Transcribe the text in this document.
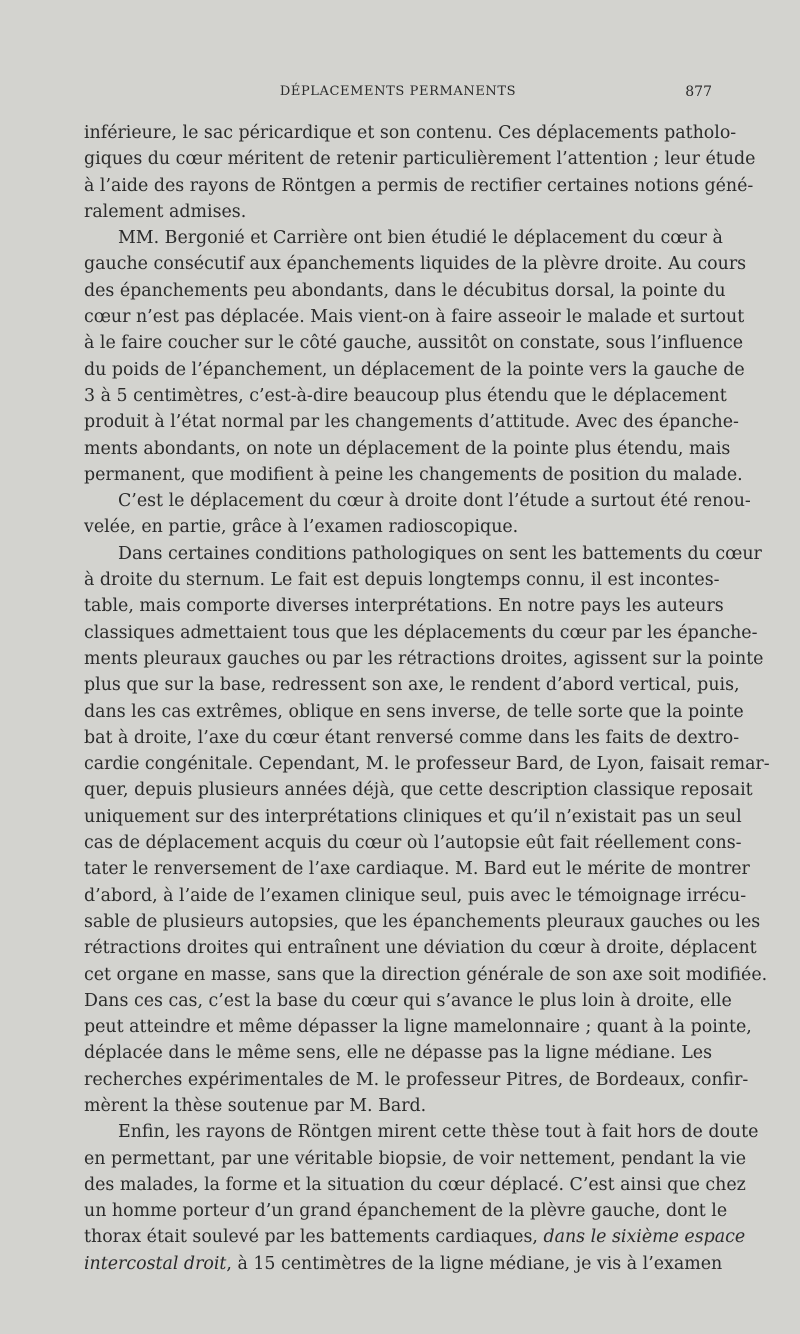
DÉPLACEMENTS PERMANENTS	877
inférieure, le sac péricardique et son contenu. Ces déplacements patholo-
giques du cœur méritent de retenir particulièrement l’attention ; leur étude
à l’aide des rayons de Röntgen a permis de rectifier certaines notions géné-
ralement admises.
MM. Bergonié et Carrière ont bien étudié le déplacement du cœur à
gauche consécutif aux épanchements liquides de la plèvre droite. Au cours
des épanchements peu abondants, dans le décubitus dorsal, la pointe du
cœur n’est pas déplacée. Mais vient-on à faire asseoir le malade et surtout
à le faire coucher sur le côté gauche, aussitôt on constate, sous l’influence
du poids de l’épanchement, un déplacement de la pointe vers la gauche de
3 à 5 centimètres, c’est-à-dire beaucoup plus étendu que le déplacement
produit à l’état normal par les changements d’attitude. Avec des épanche-
ments abondants, on note un déplacement de la pointe plus étendu, mais
permanent, que modifient à peine les changements de position du malade.
C’est le déplacement du cœur à droite dont l’étude a surtout été renou-
velée, en partie, grâce à l’examen radioscopique.
Dans certaines conditions pathologiques on sent les battements du cœur
à droite du sternum. Le fait est depuis longtemps connu, il est incontes-
table, mais comporte diverses interprétations. En notre pays les auteurs
classiques admettaient tous que les déplacements du cœur par les épanche-
ments pleuraux gauches ou par les rétractions droites, agissent sur la pointe
plus que sur la base, redressent son axe, le rendent d’abord vertical, puis,
dans les cas extrêmes, oblique en sens inverse, de telle sorte que la pointe
bat à droite, l’axe du cœur étant renversé comme dans les faits de dextro-
cardie congénitale. Cependant, M. le professeur Bard, de Lyon, faisait remar-
quer, depuis plusieurs années déjà, que cette description classique reposait
uniquement sur des interprétations cliniques et qu’il n’existait pas un seul
cas de déplacement acquis du cœur où l’autopsie eût fait réellement cons-
tater le renversement de l’axe cardiaque. M. Bard eut le mérite de montrer
d’abord, à l’aide de l’examen clinique seul, puis avec le témoignage irrécu-
sable de plusieurs autopsies, que les épanchements pleuraux gauches ou les
rétractions droites qui entraînent une déviation du cœur à droite, déplacent
cet organe en masse, sans que la direction générale de son axe soit modifiée.
Dans ces cas, c’est la base du cœur qui s’avance le plus loin à droite, elle
peut atteindre et même dépasser la ligne mamelonnaire ; quant à la pointe,
déplacée dans le même sens, elle ne dépasse pas la ligne médiane. Les
recherches expérimentales de M. le professeur Pitres, de Bordeaux, confir-
mèrent la thèse soutenue par M. Bard.
Enfin, les rayons de Röntgen mirent cette thèse tout à fait hors de doute
en permettant, par une véritable biopsie, de voir nettement, pendant la vie
des malades, la forme et la situation du cœur déplacé. C’est ainsi que chez
un homme porteur d’un grand épanchement de la plèvre gauche, dont le
thorax était soulevé par les battements cardiaques, dans le sixième espace
intercostal droit, à 15 centimètres de la ligne médiane, je vis à l’examen
